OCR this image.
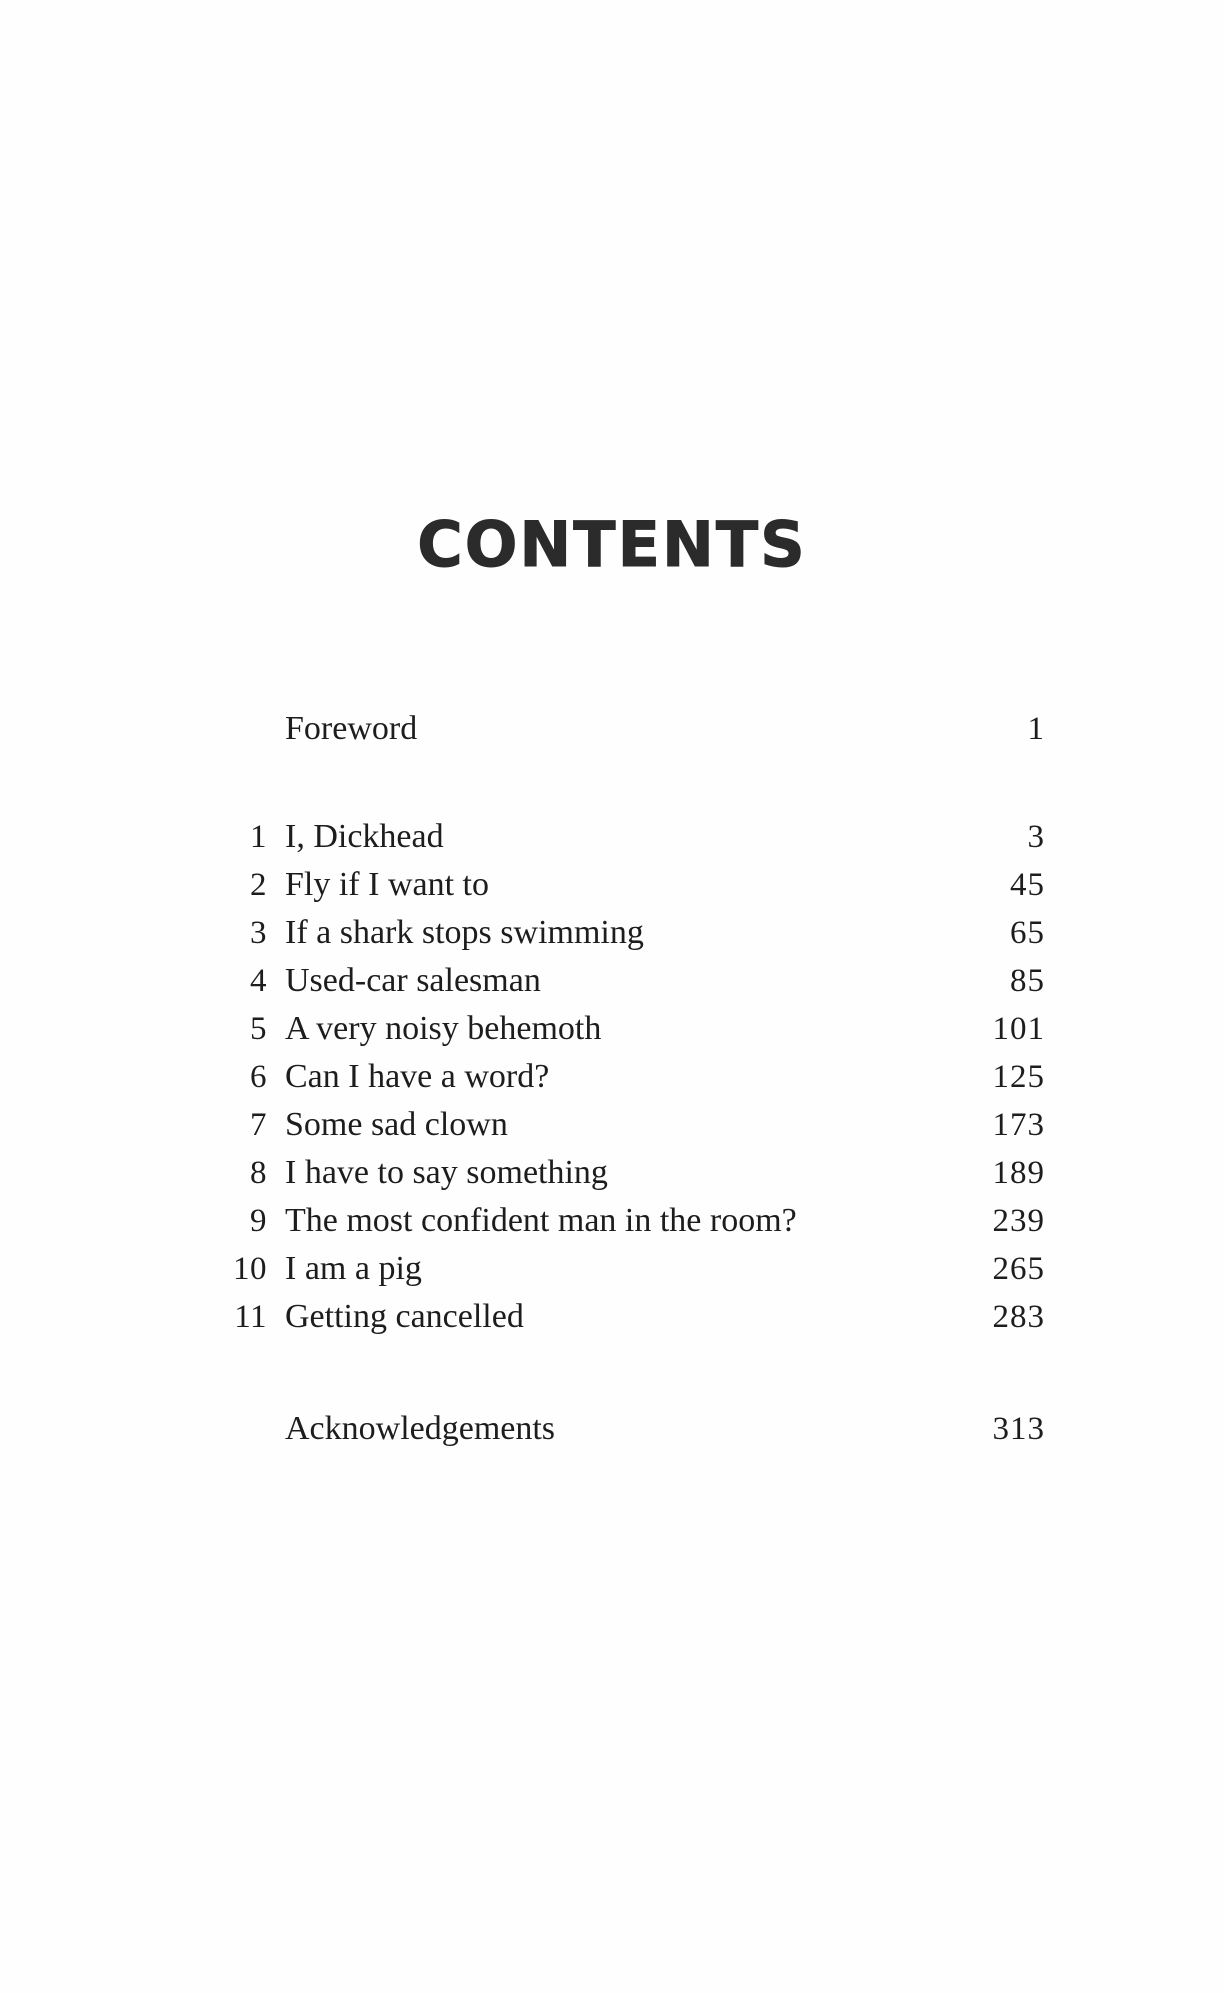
CONTENTS
Foreword	1
1 I, Dickhead	3
2 Fly if I want to	45
3 If a shark stops swimming	65
4 Used-car salesman	85
5 A very noisy behemoth	101
6 Can I have a word?	125
7 Some sad clown	173
8 I have to say something	189
9 The most confident man in the room?	239
10 I am a pig	265
11 Getting cancelled	283
Acknowledgements	313
